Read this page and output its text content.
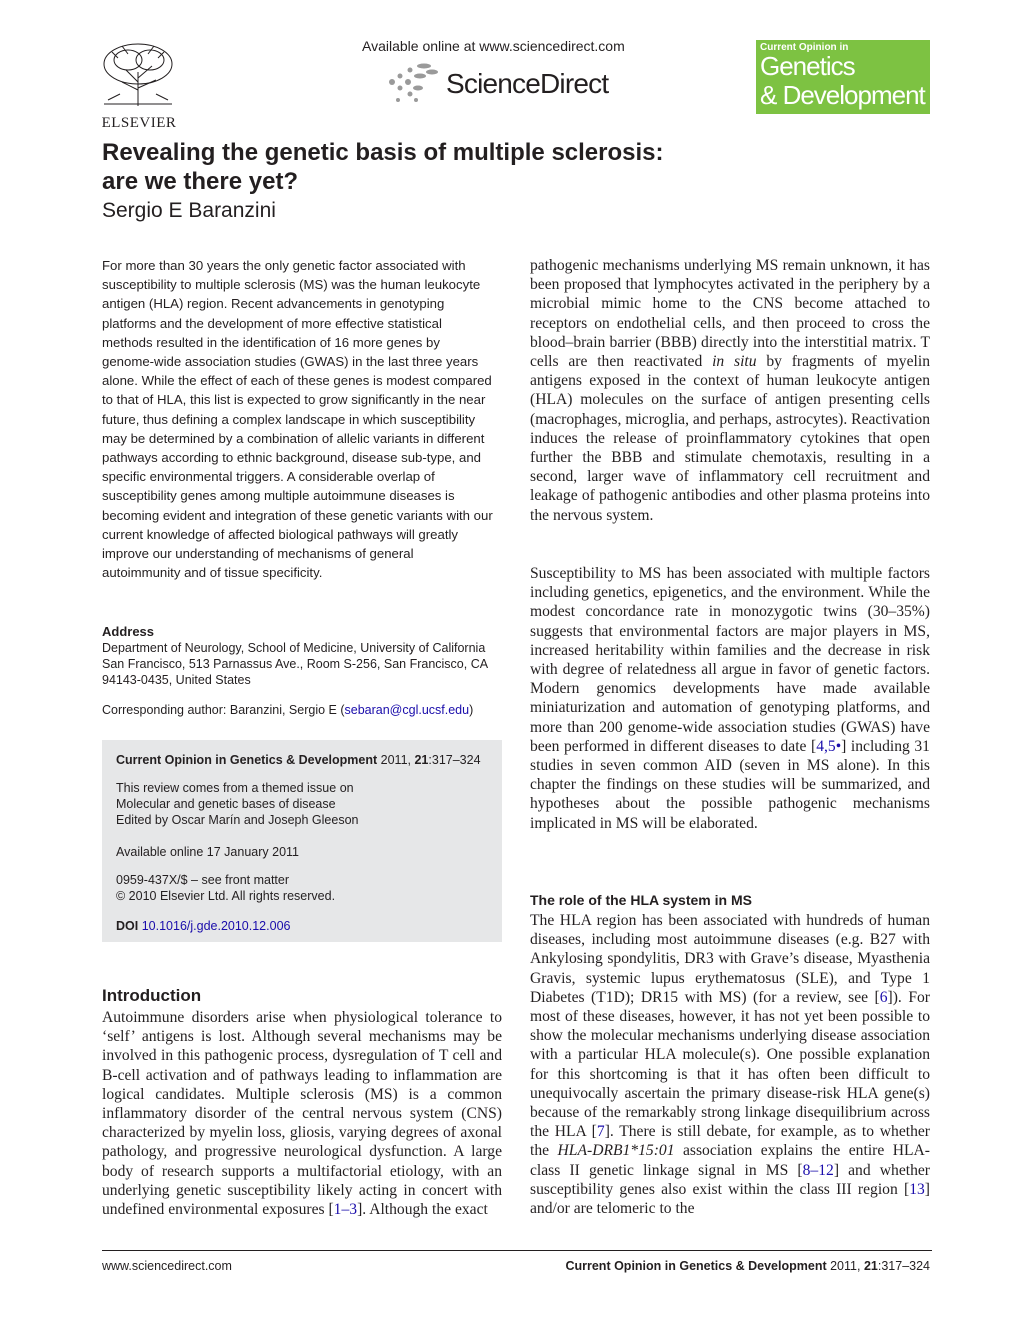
ELSEVIER
Available online at www.sciencedirect.com
ScienceDirect
Current Opinion in
Genetics
& Development
Revealing the genetic basis of multiple sclerosis:
are we there yet?
Sergio E Baranzini

For more than 30 years the only genetic factor associated with susceptibility to multiple sclerosis (MS) was the human leukocyte antigen (HLA) region. Recent advancements in genotyping platforms and the development of more effective statistical methods resulted in the identification of 16 more genes by genome-wide association studies (GWAS) in the last three years alone. While the effect of each of these genes is modest compared to that of HLA, this list is expected to grow significantly in the near future, thus defining a complex landscape in which susceptibility may be determined by a combination of allelic variants in different pathways according to ethnic background, disease sub-type, and specific environmental triggers. A considerable overlap of susceptibility genes among multiple autoimmune diseases is becoming evident and integration of these genetic variants with our current knowledge of affected biological pathways will greatly improve our understanding of mechanisms of general autoimmunity and of tissue specificity.

Address
Department of Neurology, School of Medicine, University of California
San Francisco, 513 Parnassus Ave., Room S-256, San Francisco, CA
94143-0435, United States
Corresponding author: Baranzini, Sergio E (sebaran@cgl.ucsf.edu)
Current Opinion in Genetics & Development 2011, 21:317–324
This review comes from a themed issue on
Molecular and genetic bases of disease
Edited by Oscar Marín and Joseph Gleeson
Available online 17 January 2011
0959-437X/$ – see front matter
© 2010 Elsevier Ltd. All rights reserved.
DOI 10.1016/j.gde.2010.12.006
Introduction
Autoimmune disorders arise when physiological tolerance to ‘self’ antigens is lost. Although several mechanisms may be involved in this pathogenic process, dysregulation of T cell and B-cell activation and of pathways leading to inflammation are logical candidates. Multiple sclerosis (MS) is a common inflammatory disorder of the central nervous system (CNS) characterized by myelin loss, gliosis, varying degrees of axonal pathology, and progressive neurological dysfunction. A large body of research supports a multifactorial etiology, with an underlying genetic susceptibility likely acting in concert with undefined environmental exposures [1–3]. Although the exact
pathogenic mechanisms underlying MS remain unknown, it has been proposed that lymphocytes activated in the periphery by a microbial mimic home to the CNS become attached to receptors on endothelial cells, and then proceed to cross the blood–brain barrier (BBB) directly into the interstitial matrix. T cells are then reactivated in situ by fragments of myelin antigens exposed in the context of human leukocyte antigen (HLA) molecules on the surface of antigen presenting cells (macrophages, microglia, and perhaps, astrocytes). Reactivation induces the release of proinflammatory cytokines that open further the BBB and stimulate chemotaxis, resulting in a second, larger wave of inflammatory cell recruitment and leakage of pathogenic antibodies and other plasma proteins into the nervous system.
Susceptibility to MS has been associated with multiple factors including genetics, epigenetics, and the environment. While the modest concordance rate in monozygotic twins (30–35%) suggests that environmental factors are major players in MS, increased heritability within families and the decrease in risk with degree of relatedness all argue in favor of genetic factors. Modern genomics developments have made available miniaturization and automation of genotyping platforms, and more than 200 genome-wide association studies (GWAS) have been performed in different diseases to date [4,5•] including 31 studies in seven common AID (seven in MS alone). In this chapter the findings on these studies will be summarized, and hypotheses about the possible pathogenic mechanisms implicated in MS will be elaborated.
The role of the HLA system in MS
The HLA region has been associated with hundreds of human diseases, including most autoimmune diseases (e.g. B27 with Ankylosing spondylitis, DR3 with Grave’s disease, Myasthenia Gravis, systemic lupus erythematosus (SLE), and Type 1 Diabetes (T1D); DR15 with MS) (for a review, see [6]). For most of these diseases, however, it has not yet been possible to show the molecular mechanisms underlying disease association with a particular HLA molecule(s). One possible explanation for this shortcoming is that it has often been difficult to unequivocally ascertain the primary disease-risk HLA gene(s) because of the remarkably strong linkage disequilibrium across the HLA [7]. There is still debate, for example, as to whether the HLA-DRB1*15:01 association explains the entire HLA-class II genetic linkage signal in MS [8–12] and whether susceptibility genes also exist within the class III region [13] and/or are telomeric to the
www.sciencedirect.com	Current Opinion in Genetics & Development 2011, 21:317–324
